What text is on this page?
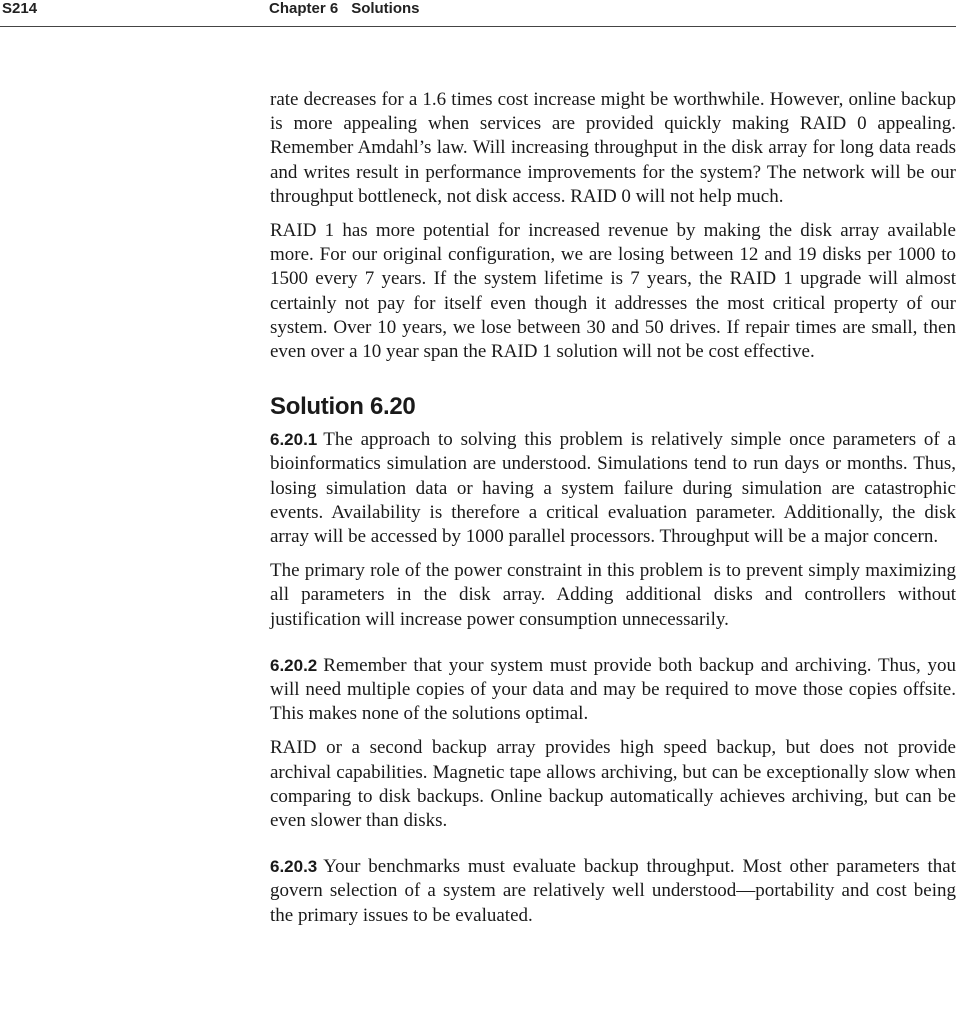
S214	Chapter 6 Solutions

rate decreases for a 1.6 times cost increase might be worthwhile. However, online backup is more appealing when services are provided quickly making RAID 0 appealing. Remember Amdahl’s law. Will increasing throughput in the disk array for long data reads and writes result in performance improvements for the system? The network will be our throughput bottleneck, not disk access. RAID 0 will not help much.

RAID 1 has more potential for increased revenue by making the disk array available more. For our original configuration, we are losing between 12 and 19 disks per 1000 to 1500 every 7 years. If the system lifetime is 7 years, the RAID 1 upgrade will almost certainly not pay for itself even though it addresses the most critical property of our system. Over 10 years, we lose between 30 and 50 drives. If repair times are small, then even over a 10 year span the RAID 1 solution will not be cost effective.

Solution 6.20

6.20.1 The approach to solving this problem is relatively simple once parameters of a bioinformatics simulation are understood. Simulations tend to run days or months. Thus, losing simulation data or having a system failure during simulation are catastrophic events. Availability is therefore a critical evaluation parameter. Additionally, the disk array will be accessed by 1000 parallel processors. Throughput will be a major concern.

The primary role of the power constraint in this problem is to prevent simply maximizing all parameters in the disk array. Adding additional disks and controllers without justification will increase power consumption unnecessarily.

6.20.2 Remember that your system must provide both backup and archiving. Thus, you will need multiple copies of your data and may be required to move those copies offsite. This makes none of the solutions optimal.

RAID or a second backup array provides high speed backup, but does not provide archival capabilities. Magnetic tape allows archiving, but can be exceptionally slow when comparing to disk backups. Online backup automatically achieves archiving, but can be even slower than disks.

6.20.3 Your benchmarks must evaluate backup throughput. Most other parameters that govern selection of a system are relatively well understood—portability and cost being the primary issues to be evaluated.
